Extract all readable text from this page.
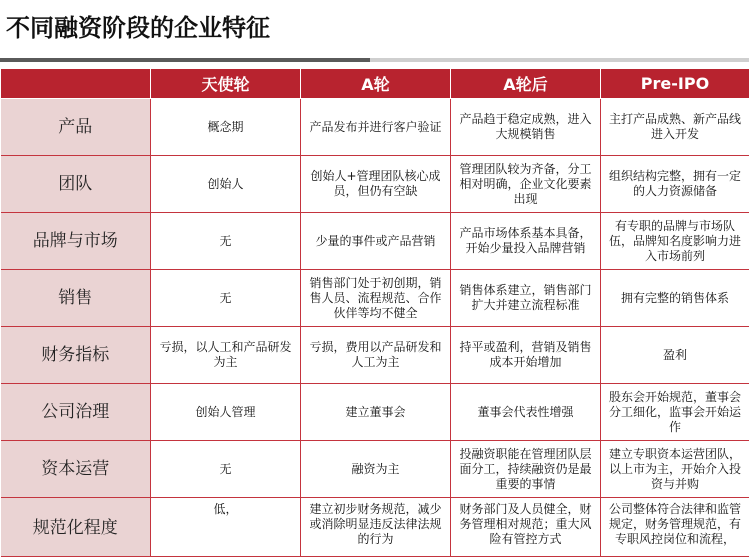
不同融资阶段的企业特征
	天使轮	A轮	A轮后	Pre-IPO
产品	概念期	产品发布并进行客户验证	产品趋于稳定成熟，进入大规模销售	主打产品成熟、新产品线进入开发
团队	创始人	创始人+管理团队核心成员，但仍有空缺	管理团队较为齐备，分工相对明确，企业文化要素出现	组织结构完整，拥有一定的人力资源储备
品牌与市场	无	少量的事件或产品营销	产品市场体系基本具备，开始少量投入品牌营销	有专职的品牌与市场队伍，品牌知名度影响力进入市场前列
销售	无	销售部门处于初创期，销售人员、流程规范、合作伙伴等均不健全	销售体系建立，销售部门扩大并建立流程标准	拥有完整的销售体系
财务指标	亏损，以人工和产品研发为主	亏损，费用以产品研发和人工为主	持平或盈利，营销及销售成本开始增加	盈利
公司治理	创始人管理	建立董事会	董事会代表性增强	股东会开始规范，董事会分工细化，监事会开始运作
资本运营	无	融资为主	投融资职能在管理团队层面分工，持续融资仍是最重要的事情	建立专职资本运营团队，以上市为主，开始介入投资与并购
规范化程度	低，	建立初步财务规范，减少或消除明显违反法律法规的行为	财务部门及人员健全，财务管理相对规范；重大风险有管控方式	公司整体符合法律和监管规定，财务管理规范，有专职风控岗位和流程，
